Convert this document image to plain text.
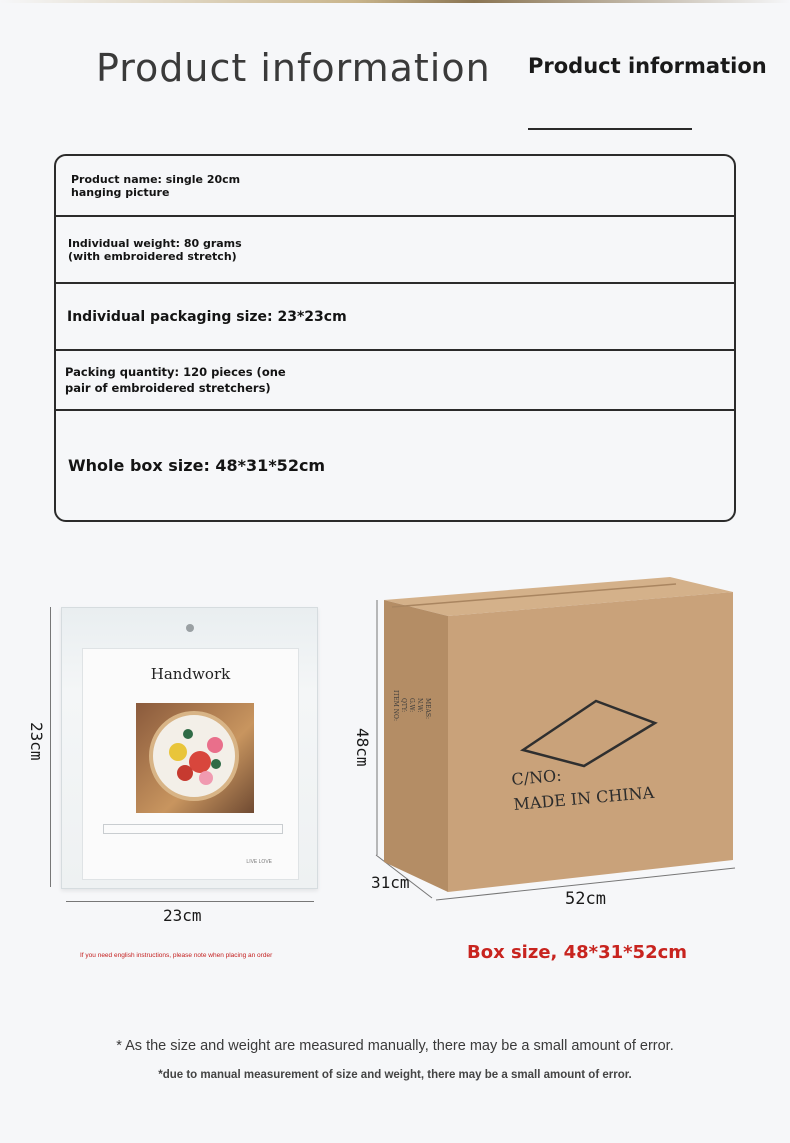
Product information Product information
Product name: single 20cm hanging picture
Individual weight: 80 grams (with embroidered stretch)
Individual packaging size: 23*23cm
Packing quantity: 120 pieces (one pair of embroidered stretchers)
Whole box size: 48*31*52cm
23cm
23cm
Handwork
LIVE LOVE
If you need english instructions, please note when placing an order
ITEM NO: QTY: G.W: N.W: MEAS:
C/NO:
MADE IN CHINA
48cm
31cm
52cm
Box size, 48*31*52cm
* As the size and weight are measured manually, there may be a small amount of error.
*due to manual measurement of size and weight, there may be a small amount of error.
